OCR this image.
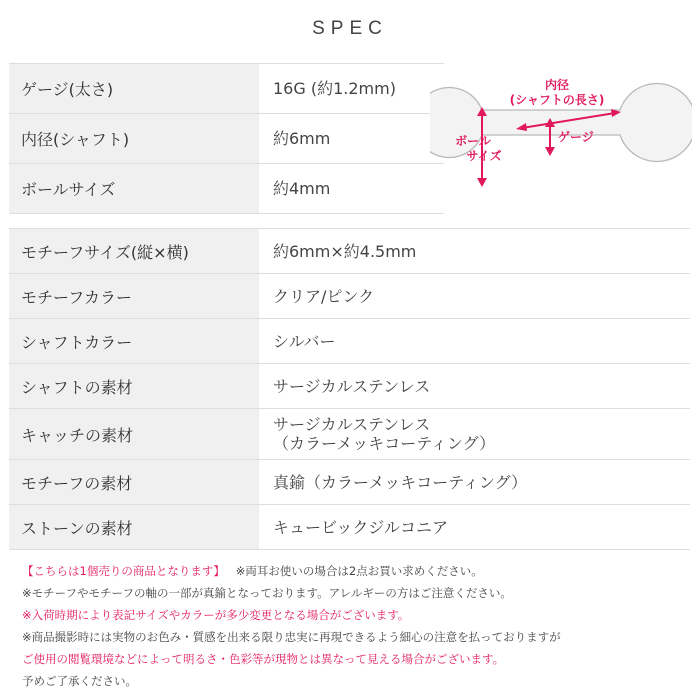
SPEC
ゲージ(太さ)	16G (約1.2mm)
内径(シャフト)	約6mm
ボールサイズ	約4mm
内径
(シャフトの長さ)
ゲージ
ボール
サイズ
モチーフサイズ(縦×横)	約6mm×約4.5mm
モチーフカラー	クリア/ピンク
シャフトカラー	シルバー
シャフトの素材	サージカルステンレス
キャッチの素材	サージカルステンレス
（カラーメッキコーティング）

モチーフの素材	真鍮（カラーメッキコーティング）
ストーンの素材	キュービックジルコニア
【こちらは1個売りの商品となります】 ※両耳お使いの場合は2点お買い求めください。
※モチーフやモチーフの軸の一部が真鍮となっております。アレルギーの方はご注意ください。
※入荷時期により表記サイズやカラーが多少変更となる場合がございます。
※商品撮影時には実物のお色み・質感を出来る限り忠実に再現できるよう細心の注意を払っておりますが
ご使用の閲覧環境などによって明るさ・色彩等が現物とは異なって見える場合がございます。
予めご了承ください。
